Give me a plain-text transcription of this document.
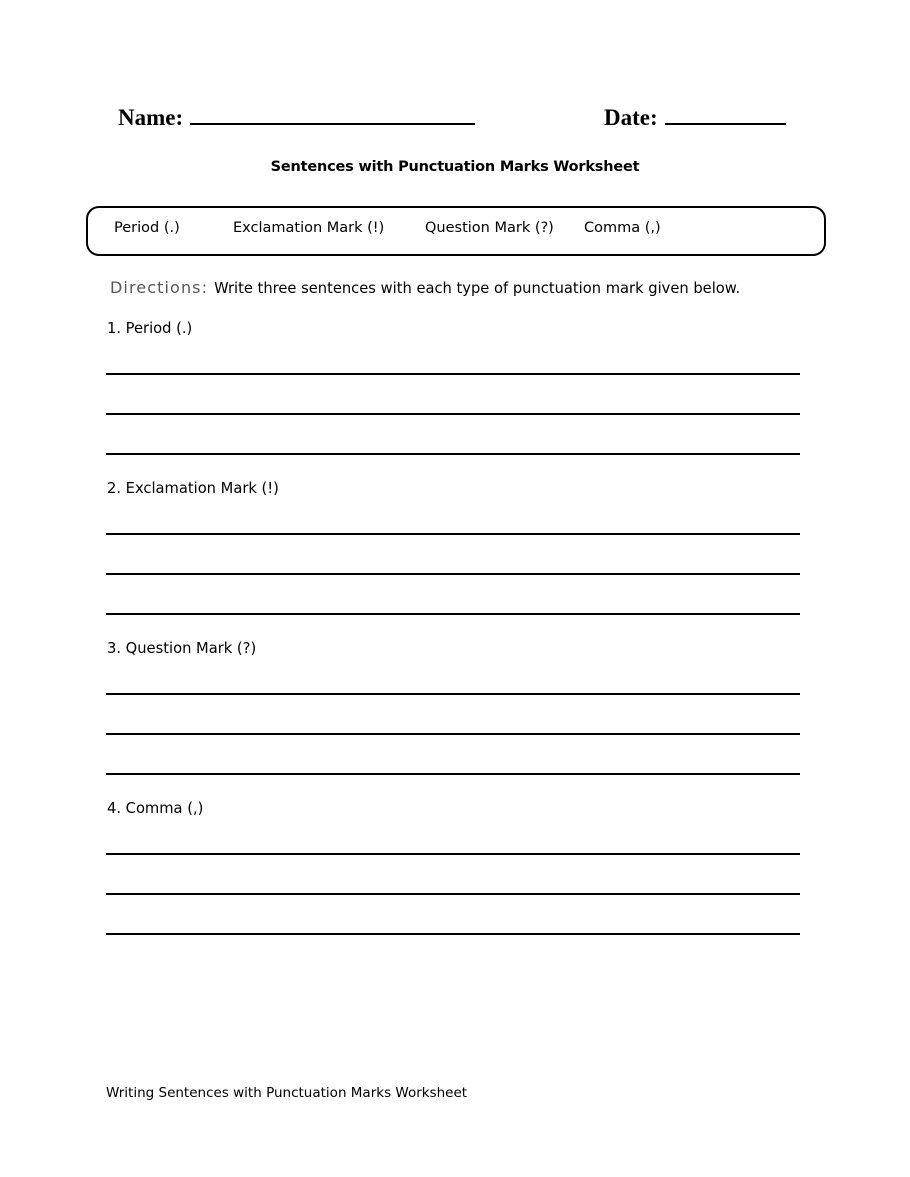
Name:	Date:
Sentences with Punctuation Marks Worksheet
Period (.)	Exclamation Mark (!)	Question Mark (?) Comma (,)
Directions: Write three sentences with each type of punctuation mark given below.
1. Period (.)
2. Exclamation Mark (!)
3. Question Mark (?)
4. Comma (,)
Writing Sentences with Punctuation Marks Worksheet
